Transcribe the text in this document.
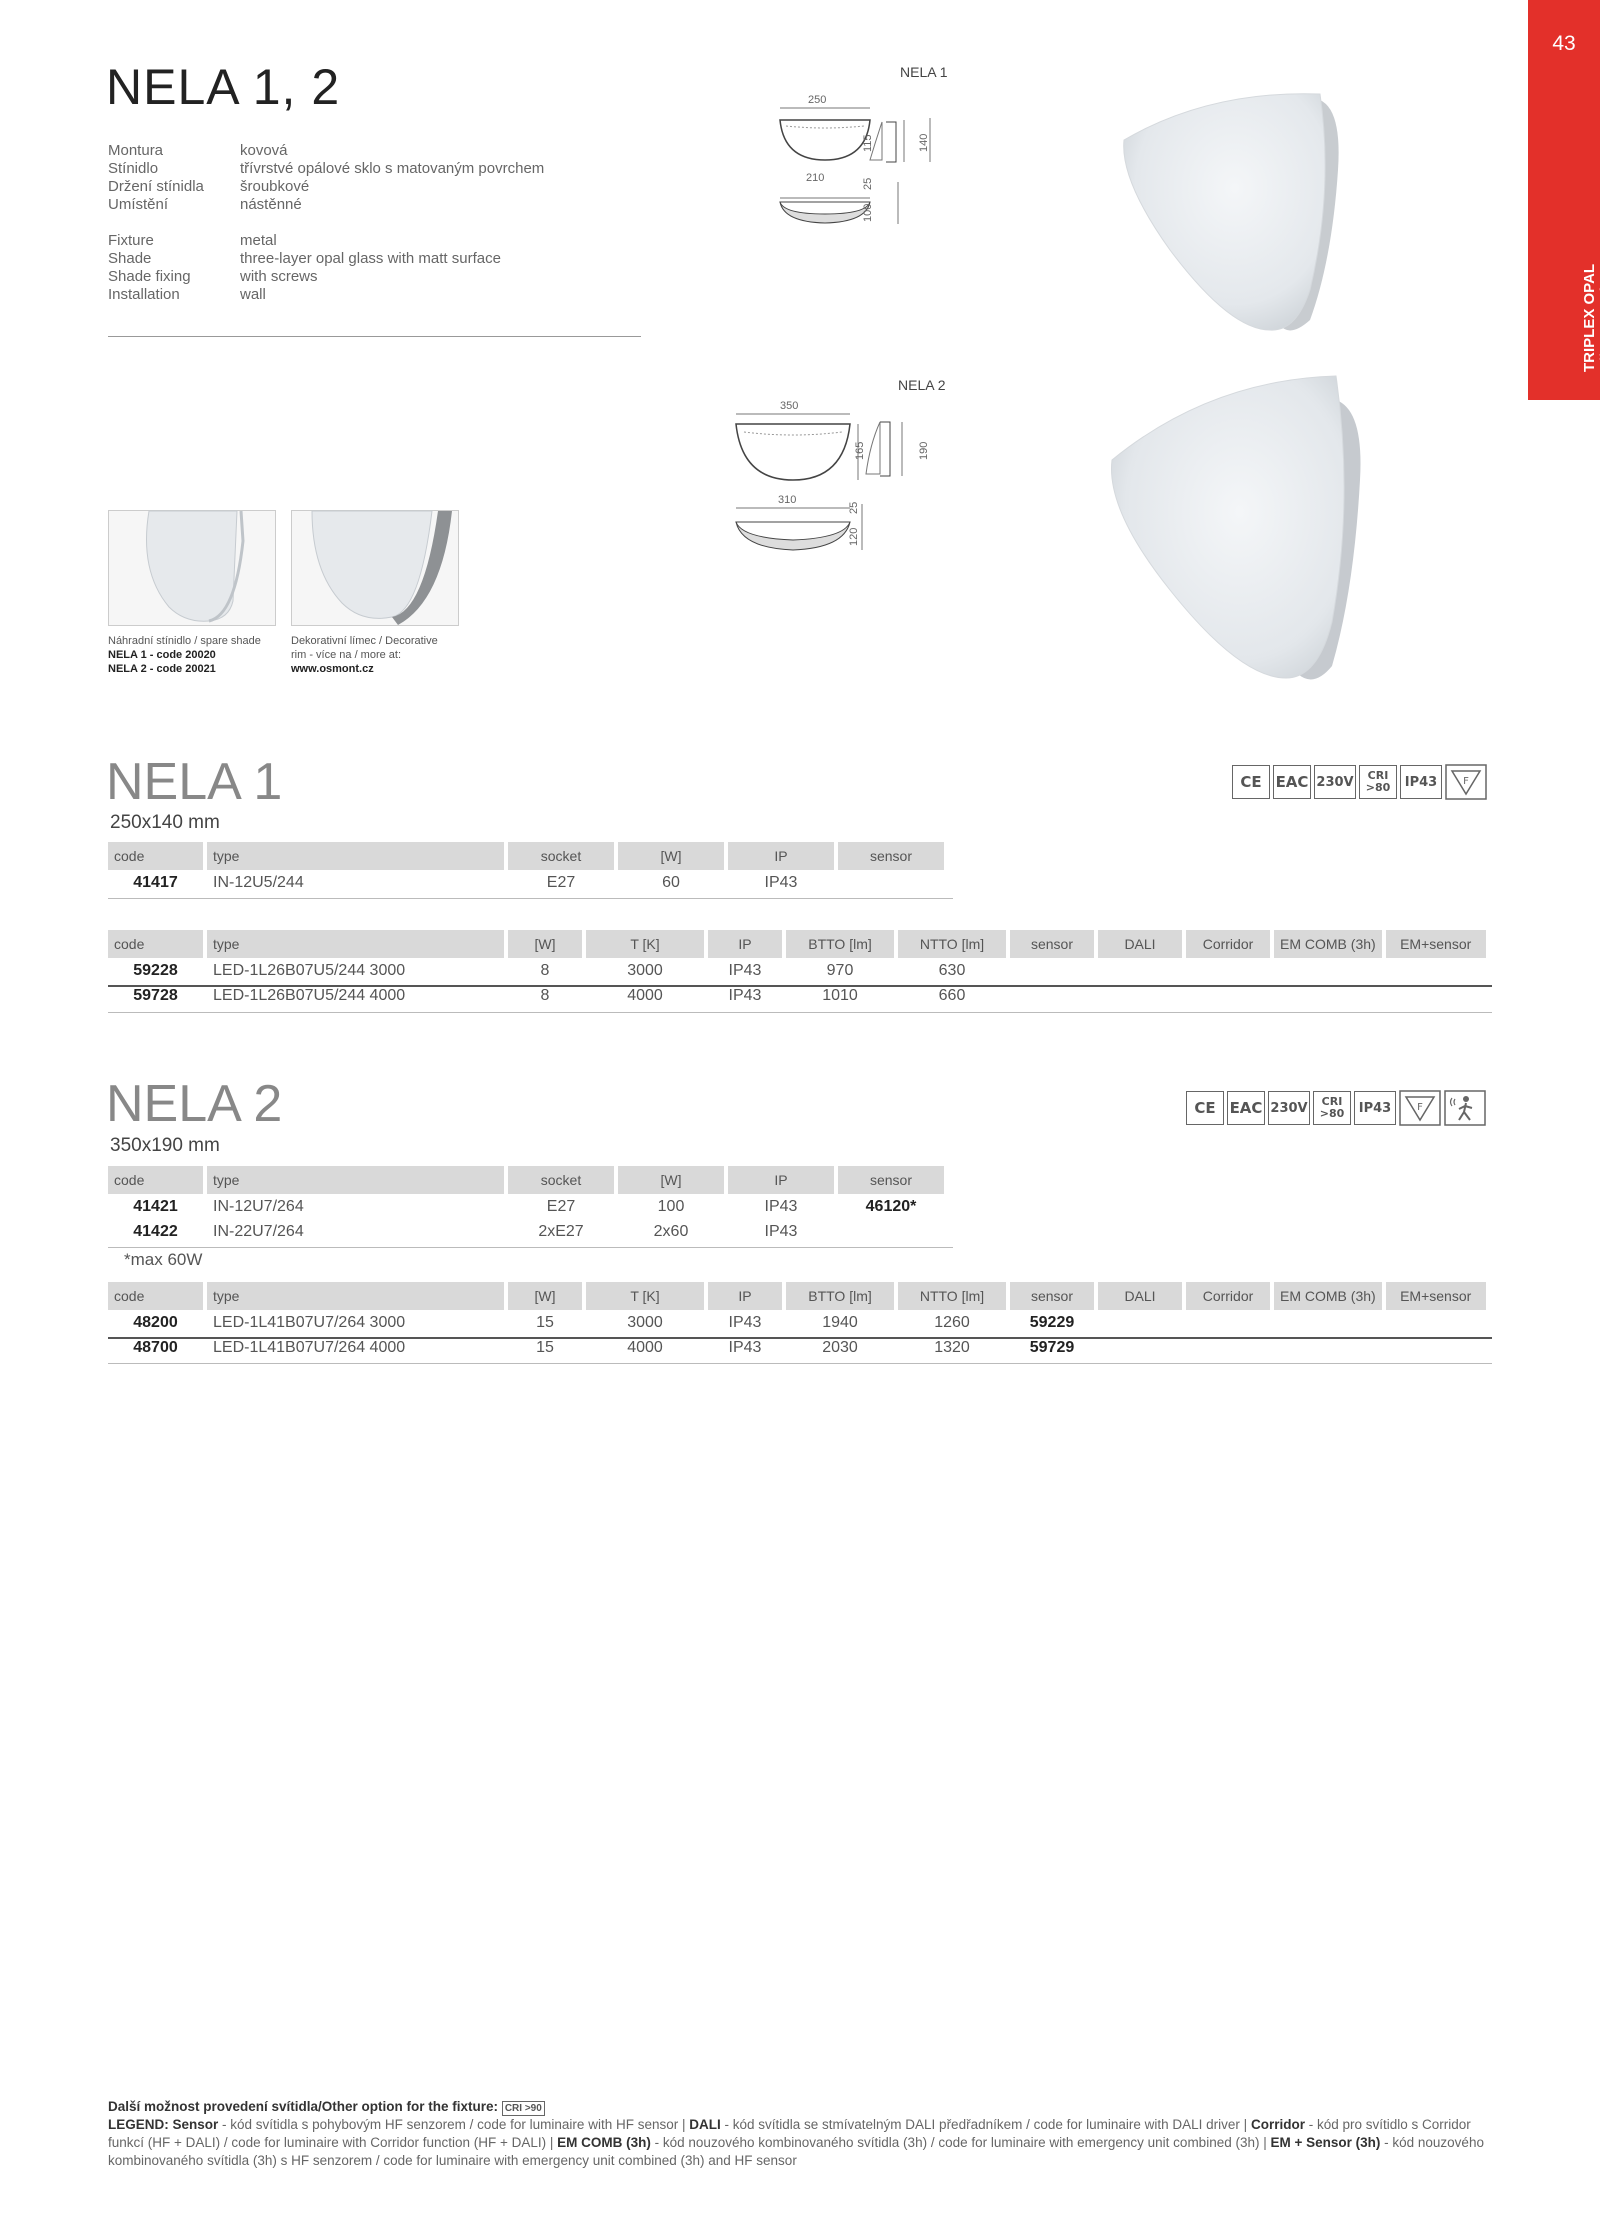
43
TRIPLEX OPAL PŘISAZENÁ / SURFACE MOUNTED
NELA 1, 2
Montura	kovová
Stínidlo	třívrstvé opálové sklo s matovaným povrchem
Držení stínidla	šroubkové
Umístění	nástěnné
Fixture	metal
Shade	three-layer opal glass with matt surface
Shade fixing	with screws
Installation	wall
NELA 1
250
210
115	140
100
25
NELA 2
350
310
165	190
120
25
Náhradní stínidlo / spare shade
NELA 1 - code 20020
NELA 2 - code 20021
Dekorativní límec / Decorative
rim - více na / more at:
www.osmont.cz
NELA 1
250x140 mm
CE EAC 230V CRI
>80	IP43	F
code	type	socket	[W]	IP	sensor
41417	IN-12U5/244	E27	60	IP43	
code	type	[W]	T [K]	IP	BTTO [lm]	NTTO [lm]	sensor	DALI	Corridor	EM COMB (3h)	EM+sensor
59228	LED-1L26B07U5/244 3000	8	3000	IP43	970	630					
59728	LED-1L26B07U5/244 4000	8	4000	IP43	1010	660					
NELA 2
350x190 mm
CE EAC 230V CRI
>80	IP43	F
code	type	socket	[W]	IP	sensor
41421	IN-12U7/264	E27	100	IP43	46120*
41422	IN-22U7/264	2xE27	2x60	IP43	
*max 60W
code	type	[W]	T [K]	IP	BTTO [lm]	NTTO [lm]	sensor	DALI	Corridor	EM COMB (3h)	EM+sensor
48200	LED-1L41B07U7/264 3000	15	3000	IP43	1940	1260	59229				
48700	LED-1L41B07U7/264 4000	15	4000	IP43	2030	1320	59729				
Další možnost provedení svítidla/Other option for the fixture: CRI >90
LEGEND: Sensor - kód svítidla s pohybovým HF senzorem / code for luminaire with HF sensor | DALI - kód svítidla se stmívatelným DALI předřadníkem / code for luminaire with DALI driver | Corridor - kód pro svítidlo s Corridor funkcí (HF + DALI) / code for luminaire with Corridor function (HF + DALI) | EM COMB (3h) - kód nouzového kombinovaného svítidla (3h) / code for luminaire with emergency unit combined (3h) | EM + Sensor (3h) - kód nouzového kombinovaného svítidla (3h) s HF senzorem / code for luminaire with emergency unit combined (3h) and HF sensor
